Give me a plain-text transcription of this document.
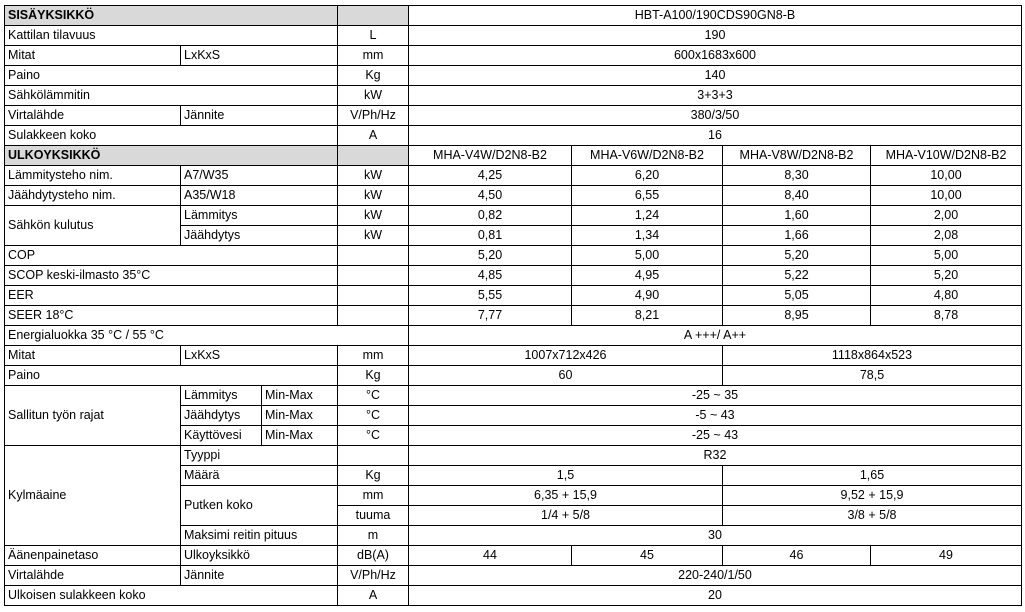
SISÄYKSIKKÖ				HBT-A100/190CDS90GN8-B			
Kattilan tilavuus			L	190			
Mitat	LxKxS		mm	600x1683x600			
Paino			Kg	140			
Sähkölämmitin			kW	3+3+3			
Virtalähde	Jännite		V/Ph/Hz	380/3/50			
Sulakkeen koko			A	16			
ULKOYKSIKKÖ				MHA-V4W/D2N8-B2	MHA-V6W/D2N8-B2	MHA-V8W/D2N8-B2	MHA-V10W/D2N8-B2
Lämmitysteho nim.	A7/W35		kW	4,25	6,20	8,30	10,00
Jäähdytysteho nim.	A35/W18		kW	4,50	6,55	8,40	10,00
Sähkön kulutus	Lämmitys		kW	0,82	1,24	1,60	2,00
	Jäähdytys		kW	0,81	1,34	1,66	2,08
COP				5,20	5,00	5,20	5,00
SCOP keski-ilmasto 35°C				4,85	4,95	5,22	5,20
EER				5,55	4,90	5,05	4,80
SEER 18°C				7,77	8,21	8,95	8,78
Energialuokka 35 °C / 55 °C				A +++/ A++			
Mitat	LxKxS		mm	1007x712x426		1118x864x523	
Paino			Kg	60		78,5	
Sallitun työn rajat	Lämmitys	Min-Max	°C	-25 ~ 35			
	Jäähdytys	Min-Max	°C	-5 ~ 43			
	Käyttövesi	Min-Max	°C	-25 ~ 43			
Kylmäaine	Tyyppi			R32			
	Määrä		Kg	1,5		1,65	
	Putken koko		mm	6,35 + 15,9		9,52 + 15,9	
			tuuma	1/4 + 5/8		3/8 + 5/8	
	Maksimi reitin pituus		m	30			
Äänenpainetaso	Ulkoyksikkö		dB(A)	44	45	46	49
Virtalähde	Jännite		V/Ph/Hz	220-240/1/50			
Ulkoisen sulakkeen koko			A	20			
